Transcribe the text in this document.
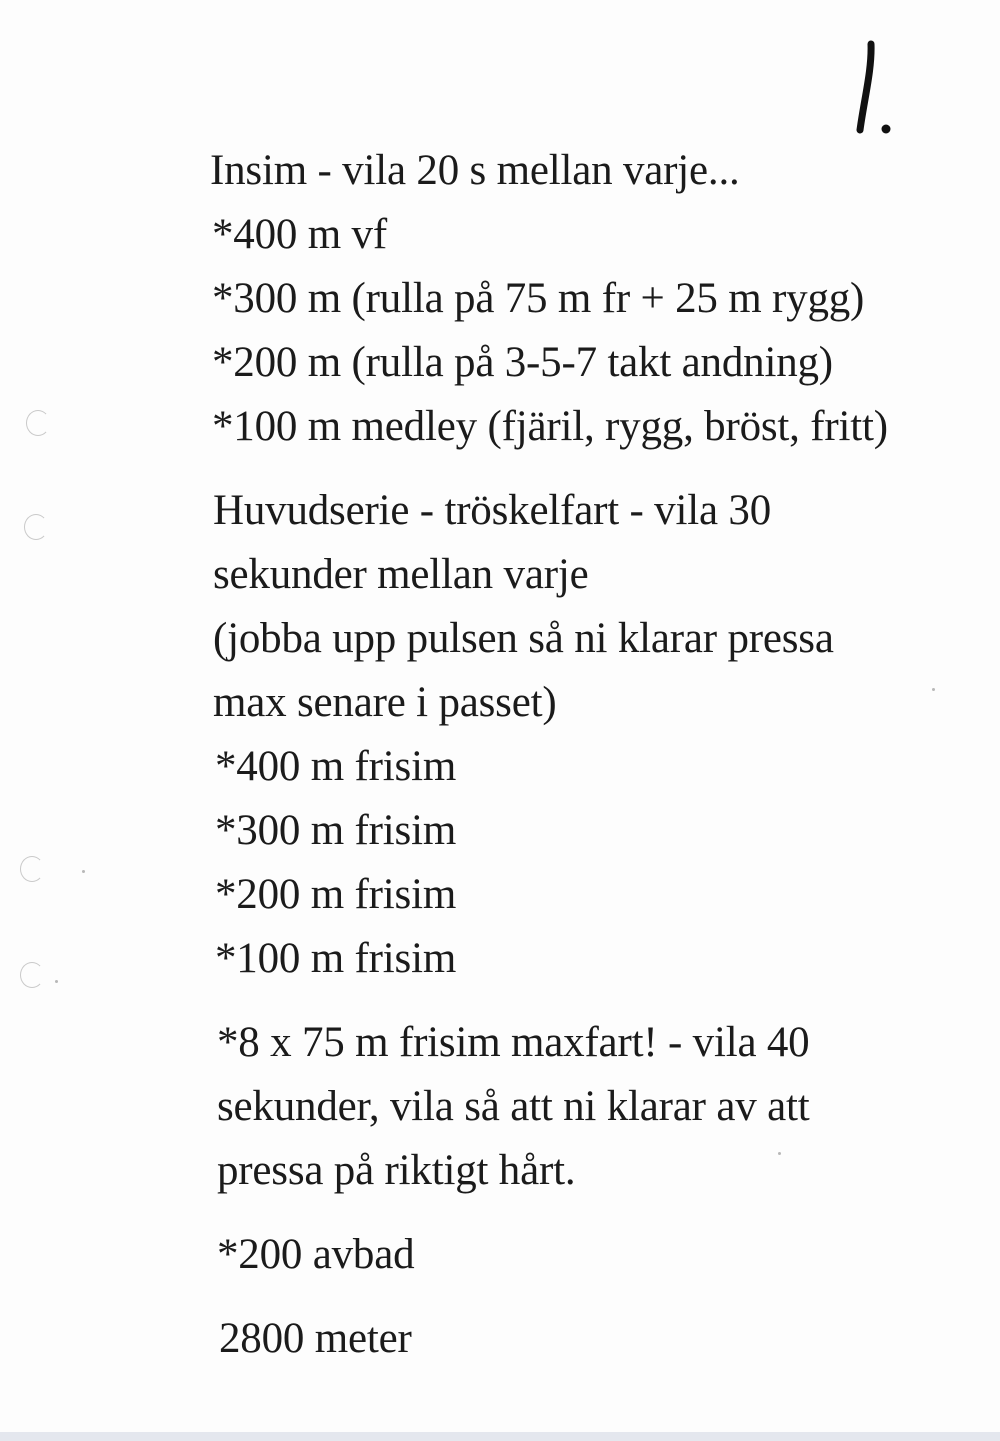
Insim - vila 20 s mellan varje...
*400 m vf
*300 m (rulla på 75 m fr + 25 m rygg)
*200 m (rulla på 3-5-7 takt andning)
*100 m medley (fjäril, rygg, bröst, fritt)
Huvudserie - tröskelfart - vila 30
sekunder mellan varje
(jobba upp pulsen så ni klarar pressa
max senare i passet)
*400 m frisim
*300 m frisim
*200 m frisim
*100 m frisim
*8 x 75 m frisim maxfart! - vila 40
sekunder, vila så att ni klarar av att
pressa på riktigt hårt.
*200 avbad
2800 meter
